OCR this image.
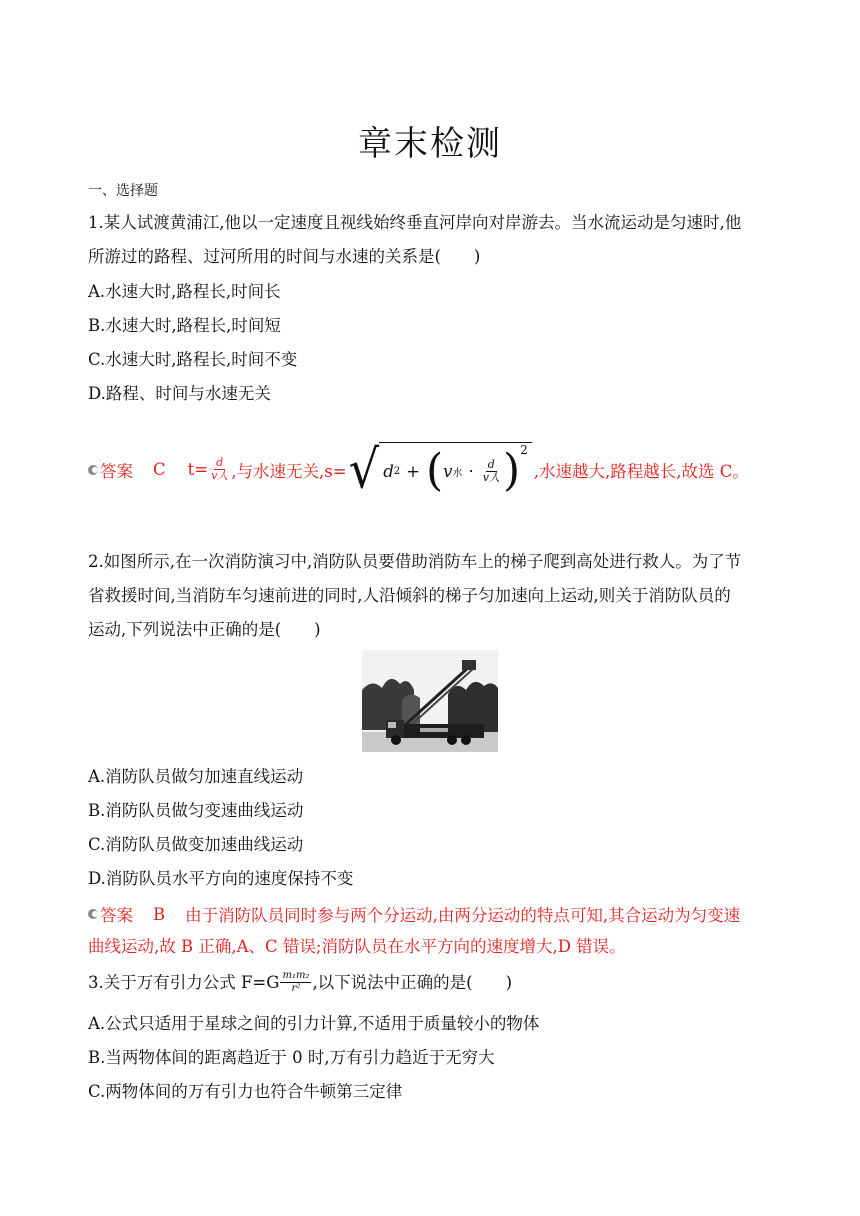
章末检测
一、选择题
1.某人试渡黄浦江,他以一定速度且视线始终垂直河岸向对岸游去。当水流运动是匀速时,他
所游过的路程、过河所用的时间与水速的关系是(　　)
A.水速大时,路程长,时间长
B.水速大时,路程长,时间短
C.水速大时,路程长,时间不变
D.路程、时间与水速无关
答案 C $t= \frac{d}{\text{v人}}$ ,与水速无关,s= √ d 2 + ( v 水 · $\frac{d}{\text{v人}}$ ) 2
,水速越大,路程越长,故选 C。
2.如图所示,在一次消防演习中,消防队员要借助消防车上的梯子爬到高处进行救人。为了节
省救援时间,当消防车匀速前进的同时,人沿倾斜的梯子匀加速向上运动,则关于消防队员的
运动,下列说法中正确的是(　　)
A.消防队员做匀加速直线运动
B.消防队员做匀变速曲线运动
C.消防队员做变加速曲线运动
D.消防队员水平方向的速度保持不变
答案 B 由于消防队员同时参与两个分运动,由两分运动的特点可知,其合运动为匀变速
曲线运动,故 B 正确,A、C 错误;消防队员在水平方向的速度增大,D 错误。
3.关于万有引力公式 $F=G \frac{\text{m₁m₂}}{\text{r²}}$ ,以下说法中正确的是(　　)
A.公式只适用于星球之间的引力计算,不适用于质量较小的物体
B.当两物体间的距离趋近于 0 时,万有引力趋近于无穷大
C.两物体间的万有引力也符合牛顿第三定律
